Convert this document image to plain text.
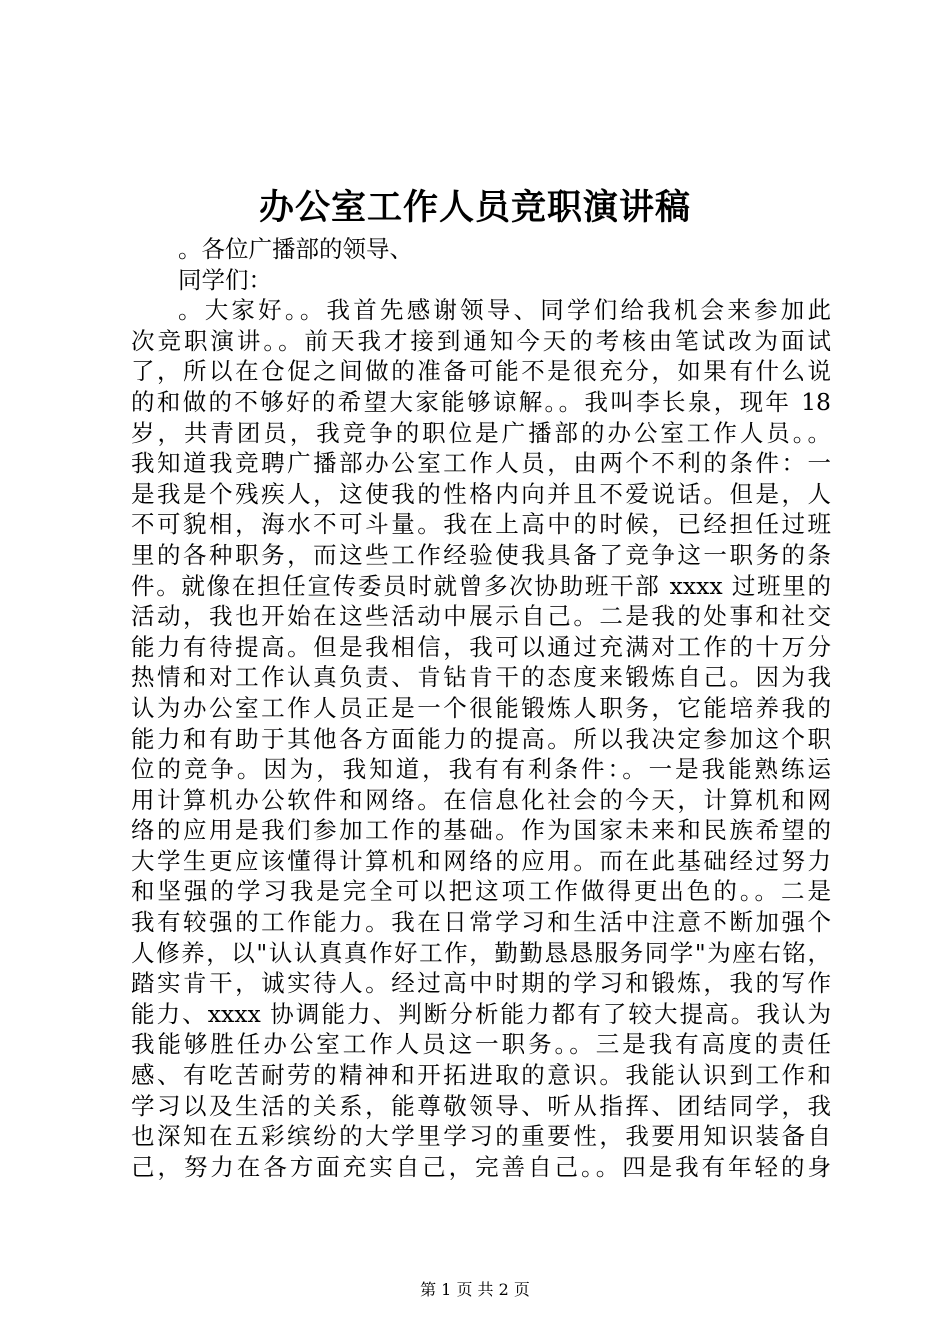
办公室工作人员竞职演讲稿
。各位广播部的领导、
同学们：
。大家好。。我首先感谢领导、同学们给我机会来参加此
次竞职演讲。。前天我才接到通知今天的考核由笔试改为面试
了，所以在仓促之间做的准备可能不是很充分，如果有什么说
的和做的不够好的希望大家能够谅解。。我叫李长泉，现年 18
岁，共青团员，我竞争的职位是广播部的办公室工作人员。。
我知道我竞聘广播部办公室工作人员，由两个不利的条件：一
是我是个残疾人，这使我的性格内向并且不爱说话。但是，人
不可貌相，海水不可斗量。我在上高中的时候，已经担任过班
里的各种职务，而这些工作经验使我具备了竞争这一职务的条
件。就像在担任宣传委员时就曾多次协助班干部 xxxx 过班里的
活动，我也开始在这些活动中展示自己。二是我的处事和社交
能力有待提高。但是我相信，我可以通过充满对工作的十万分
热情和对工作认真负责、肯钻肯干的态度来锻炼自己。因为我
认为办公室工作人员正是一个很能锻炼人职务，它能培养我的
能力和有助于其他各方面能力的提高。所以我决定参加这个职
位的竞争。因为，我知道，我有有利条件：。一是我能熟练运
用计算机办公软件和网络。在信息化社会的今天，计算机和网
络的应用是我们参加工作的基础。作为国家未来和民族希望的
大学生更应该懂得计算机和网络的应用。而在此基础经过努力
和坚强的学习我是完全可以把这项工作做得更出色的。。二是
我有较强的工作能力。我在日常学习和生活中注意不断加强个
人修养，以"认认真真作好工作，勤勤恳恳服务同学"为座右铭，
踏实肯干，诚实待人。经过高中时期的学习和锻炼，我的写作
能力、xxxx 协调能力、判断分析能力都有了较大提高。我认为
我能够胜任办公室工作人员这一职务。。三是我有高度的责任
感、有吃苦耐劳的精神和开拓进取的意识。我能认识到工作和
学习以及生活的关系，能尊敬领导、听从指挥、团结同学，我
也深知在五彩缤纷的大学里学习的重要性，我要用知识装备自
己，努力在各方面充实自己，完善自己。。四是我有年轻的身
第 1 页 共 2 页
